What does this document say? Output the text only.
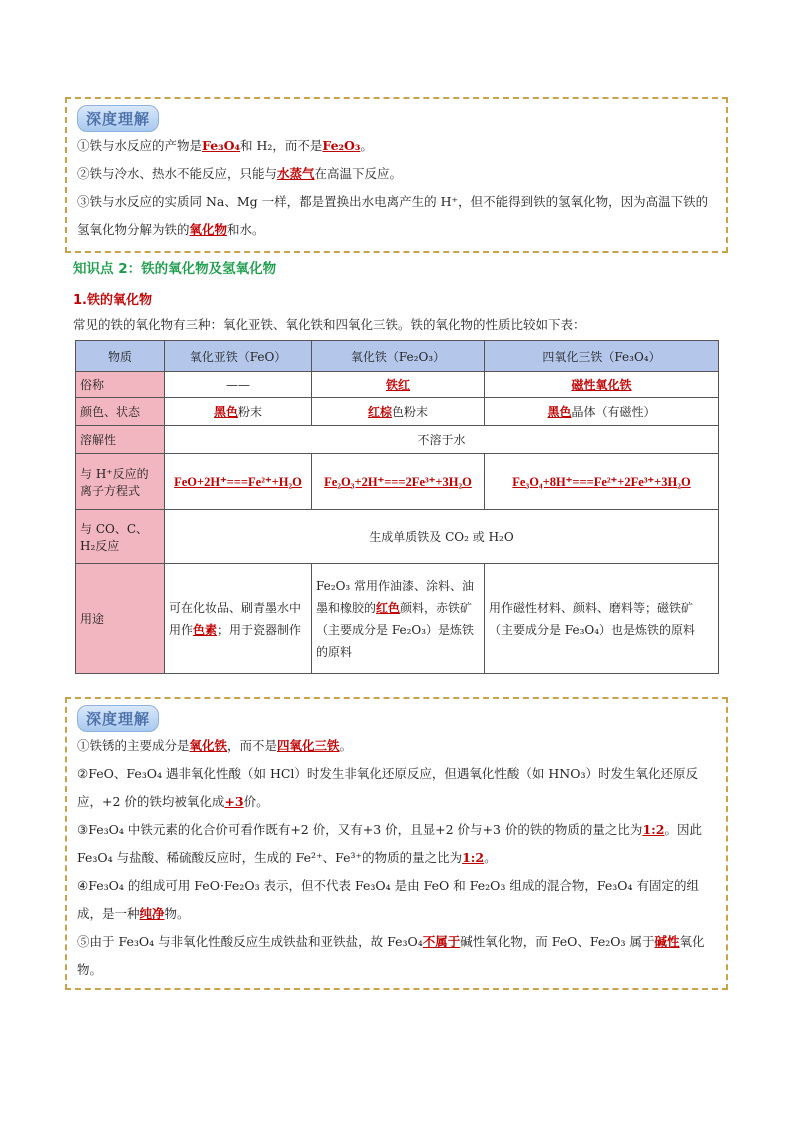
深度理解
①铁与水反应的产物是Fe₃O₄和 H₂，而不是Fe₂O₃。
②铁与冷水、热水不能反应，只能与水蒸气在高温下反应。
③铁与水反应的实质同 Na、Mg 一样，都是置换出水电离产生的 H⁺，但不能得到铁的氢氧化物，因为高温下铁的氢氧化物分解为铁的氧化物和水。
知识点 2：铁的氧化物及氢氧化物
1.铁的氧化物
常见的铁的氧化物有三种：氧化亚铁、氧化铁和四氧化三铁。铁的氧化物的性质比较如下表：
物质	氧化亚铁（FeO）	氧化铁（Fe₂O₃）	四氧化三铁（Fe₃O₄）
俗称	——	铁红	磁性氧化铁
颜色、状态	黑色粉末	红棕色粉末	黑色晶体（有磁性）
溶解性	不溶于水		
与 H⁺反应的离子方程式	FeO+2H⁺===Fe²⁺+H₂O	Fe₂O₃+2H⁺===2Fe³⁺+3H₂O	Fe₃O₄+8H⁺===Fe²⁺+2Fe³⁺+3H₂O
与 CO、C、H₂反应	生成单质铁及 CO₂ 或 H₂O		
用途	可在化妆品、刷青墨水中用作色素；用于瓷器制作	Fe₂O₃ 常用作油漆、涂料、油墨和橡胶的红色颜料，赤铁矿（主要成分是 Fe₂O₃）是炼铁的原料	用作磁性材料、颜料、磨料等；磁铁矿（主要成分是 Fe₃O₄）也是炼铁的原料
深度理解
①铁锈的主要成分是氧化铁，而不是四氧化三铁。
②FeO、Fe₃O₄ 遇非氧化性酸（如 HCl）时发生非氧化还原反应，但遇氧化性酸（如 HNO₃）时发生氧化还原反应，+2 价的铁均被氧化成+3价。
③Fe₃O₄ 中铁元素的化合价可看作既有+2 价，又有+3 价，且显+2 价与+3 价的铁的物质的量之比为1:2。因此 Fe₃O₄ 与盐酸、稀硫酸反应时，生成的 Fe²⁺、Fe³⁺的物质的量之比为1:2。
④Fe₃O₄ 的组成可用 FeO·Fe₂O₃ 表示，但不代表 Fe₃O₄ 是由 FeO 和 Fe₂O₃ 组成的混合物，Fe₃O₄ 有固定的组成，是一种纯净物。
⑤由于 Fe₃O₄ 与非氧化性酸反应生成铁盐和亚铁盐，故 Fe₃O₄不属于碱性氧化物，而 FeO、Fe₂O₃ 属于碱性氧化物。
